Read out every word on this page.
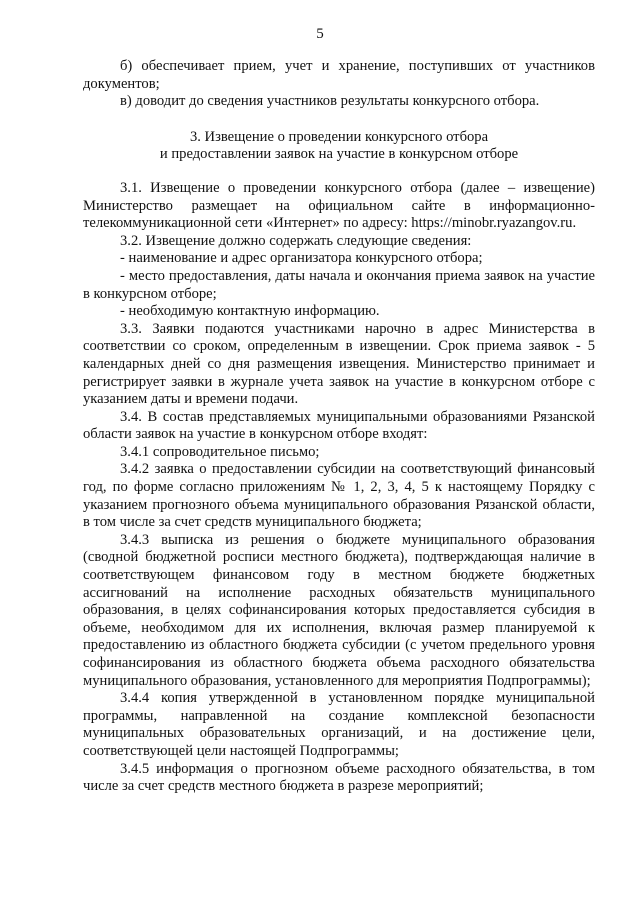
5

б) обеспечивает прием, учет и хранение, поступивших от участников документов;

в) доводит до сведения участников результаты конкурсного отбора.

3. Извещение о проведении конкурсного отбора
и предоставлении заявок на участие в конкурсном отборе

3.1. Извещение о проведении конкурсного отбора (далее – извещение) Министерство размещает на официальном сайте в информационно-телекоммуникационной сети «Интернет» по адресу: https://minobr.ryazangov.ru.

3.2. Извещение должно содержать следующие сведения:

- наименование и адрес организатора конкурсного отбора;

- место предоставления, даты начала и окончания приема заявок на участие в конкурсном отборе;

- необходимую контактную информацию.

3.3. Заявки подаются участниками нарочно в адрес Министерства в соответствии со сроком, определенным в извещении. Срок приема заявок - 5 календарных дней со дня размещения извещения. Министерство принимает и регистрирует заявки в журнале учета заявок на участие в конкурсном отборе с указанием даты и времени подачи.

3.4. В состав представляемых муниципальными образованиями Рязанской области заявок на участие в конкурсном отборе входят:

3.4.1 сопроводительное письмо;

3.4.2 заявка о предоставлении субсидии на соответствующий финансовый год, по форме согласно приложениям № 1, 2, 3, 4, 5 к настоящему Порядку с указанием прогнозного объема муниципального образования Рязанской области, в том числе за счет средств муниципального бюджета;

3.4.3 выписка из решения о бюджете муниципального образования (сводной бюджетной росписи местного бюджета), подтверждающая наличие в соответствующем финансовом году в местном бюджете бюджетных ассигнований на исполнение расходных обязательств муниципального образования, в целях софинансирования которых предоставляется субсидия в объеме, необходимом для их исполнения, включая размер планируемой к предоставлению из областного бюджета субсидии (с учетом предельного уровня софинансирования из областного бюджета объема расходного обязательства муниципального образования, установленного для мероприятия Подпрограммы);

3.4.4 копия утвержденной в установленном порядке муниципальной программы, направленной на создание комплексной безопасности муниципальных образовательных организаций, и на достижение цели, соответствующей цели настоящей Подпрограммы;

3.4.5 информация о прогнозном объеме расходного обязательства, в том числе за счет средств местного бюджета в разрезе мероприятий;
